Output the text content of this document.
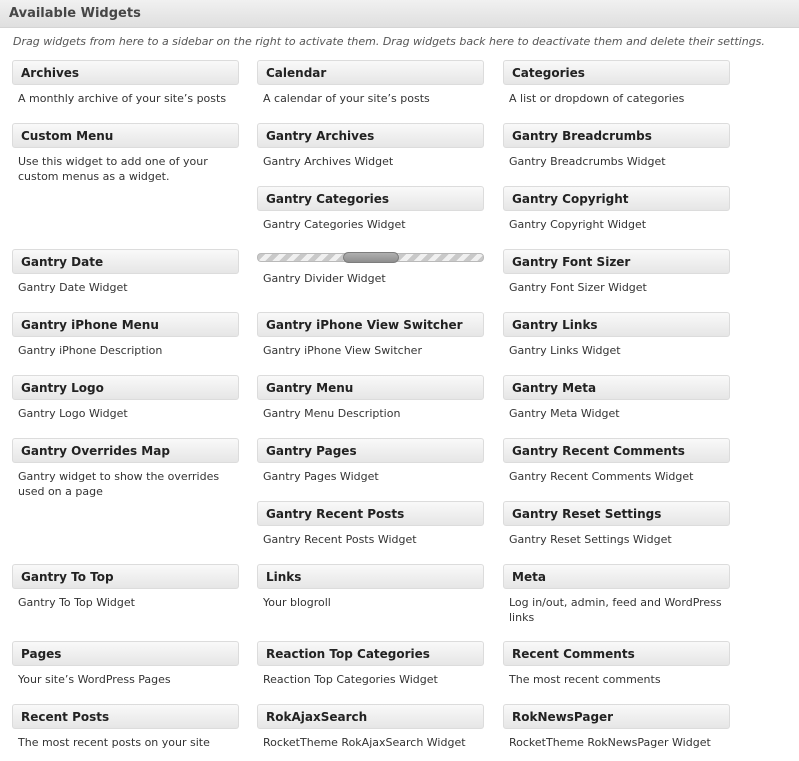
Available Widgets
Drag widgets from here to a sidebar on the right to activate them. Drag widgets back here to deactivate them and delete their settings.
Archives
A monthly archive of your site’s posts
Calendar
A calendar of your site’s posts
Categories
A list or dropdown of categories
Custom Menu
Use this widget to add one of your custom menus as a widget.
Gantry Archives
Gantry Archives Widget
Gantry Breadcrumbs
Gantry Breadcrumbs Widget
Gantry Categories
Gantry Categories Widget
Gantry Copyright
Gantry Copyright Widget
Gantry Date
Gantry Date Widget
Gantry Divider Widget
Gantry Font Sizer
Gantry Font Sizer Widget
Gantry iPhone Menu
Gantry iPhone Description
Gantry iPhone View Switcher
Gantry iPhone View Switcher
Gantry Links
Gantry Links Widget
Gantry Logo
Gantry Logo Widget
Gantry Menu
Gantry Menu Description
Gantry Meta
Gantry Meta Widget
Gantry Overrides Map
Gantry widget to show the overrides used on a page
Gantry Pages
Gantry Pages Widget
Gantry Recent Comments
Gantry Recent Comments Widget
Gantry Recent Posts
Gantry Recent Posts Widget
Gantry Reset Settings
Gantry Reset Settings Widget
Gantry To Top
Gantry To Top Widget
Links
Your blogroll
Meta
Log in/out, admin, feed and WordPress links
Pages
Your site’s WordPress Pages
Reaction Top Categories
Reaction Top Categories Widget
Recent Comments
The most recent comments
Recent Posts
The most recent posts on your site
RokAjaxSearch
RocketTheme RokAjaxSearch Widget
RokNewsPager
RocketTheme RokNewsPager Widget
